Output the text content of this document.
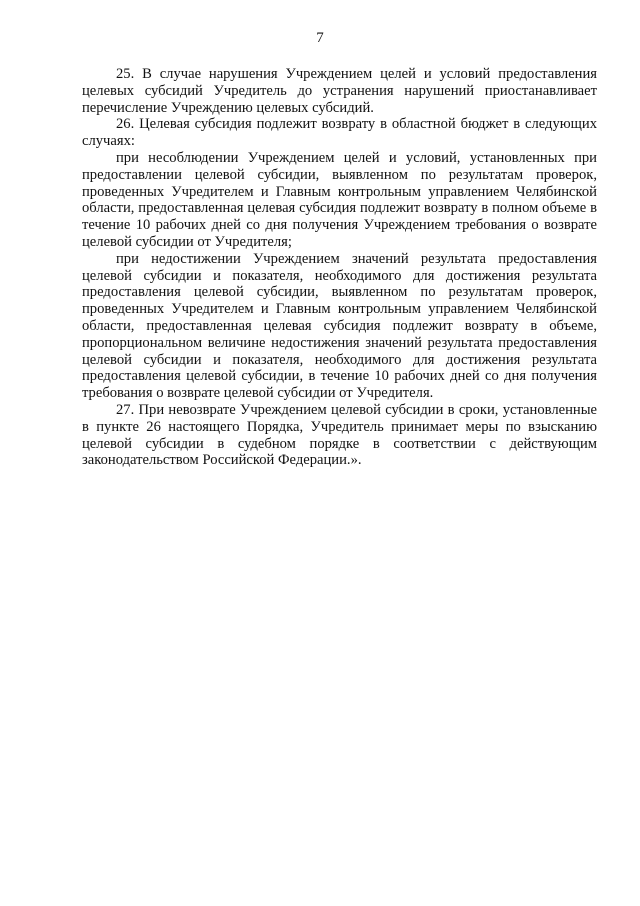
7

25. В случае нарушения Учреждением целей и условий предоставления целевых субсидий Учредитель до устранения нарушений приостанавливает перечисление Учреждению целевых субсидий.

26. Целевая субсидия подлежит возврату в областной бюджет в следующих случаях:

при несоблюдении Учреждением целей и условий, установленных при предоставлении целевой субсидии, выявленном по результатам проверок, проведенных Учредителем и Главным контрольным управлением Челябинской области, предоставленная целевая субсидия подлежит возврату в полном объеме в течение 10 рабочих дней со дня получения Учреждением требования о возврате целевой субсидии от Учредителя;

при недостижении Учреждением значений результата предоставления целевой субсидии и показателя, необходимого для достижения результата предоставления целевой субсидии, выявленном по результатам проверок, проведенных Учредителем и Главным контрольным управлением Челябинской области, предоставленная целевая субсидия подлежит возврату в объеме, пропорциональном величине недостижения значений результата предоставления целевой субсидии и показателя, необходимого для достижения результата предоставления целевой субсидии, в течение 10 рабочих дней со дня получения требования о возврате целевой субсидии от Учредителя.

27. При невозврате Учреждением целевой субсидии в сроки, установленные в пункте 26 настоящего Порядка, Учредитель принимает меры по взысканию целевой субсидии в судебном порядке в соответствии с действующим законодательством Российской Федерации.».
